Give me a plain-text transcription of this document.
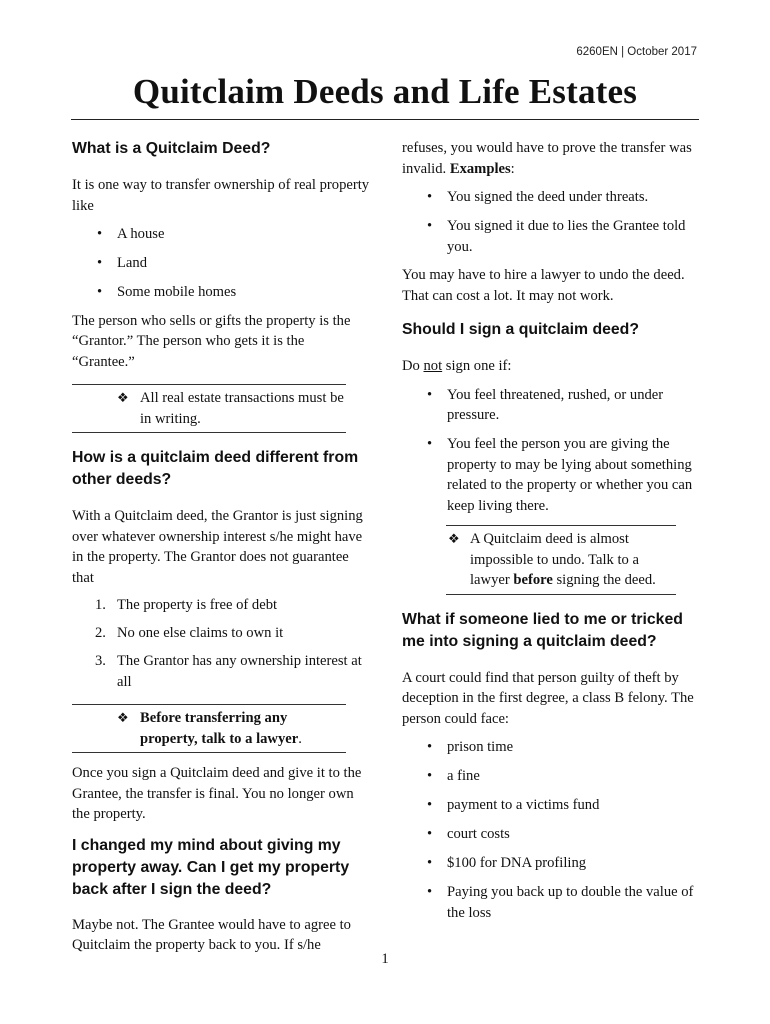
6260EN | October 2017
Quitclaim Deeds and Life Estates
What is a Quitclaim Deed?

It is one way to transfer ownership of real property like

• A house
• Land
• Some mobile homes

The person who sells or gifts the property is the “Grantor.” The person who gets it is the “Grantee.”

❖ All real estate transactions must be in writing.
How is a quitclaim deed different from other deeds?

With a Quitclaim deed, the Grantor is just signing over whatever ownership interest s/he might have in the property. The Grantor does not guarantee that

1. The property is free of debt
2. No one else claims to own it
3. The Grantor has any ownership interest at all
❖ Before transferring any property, talk to a lawyer.

Once you sign a Quitclaim deed and give it to the Grantee, the transfer is final. You no longer own the property.

I changed my mind about giving my property away. Can I get my property back after I sign the deed?

Maybe not. The Grantee would have to agree to Quitclaim the property back to you. If s/he

refuses, you would have to prove the transfer was invalid. Examples:

• You signed the deed under threats.
• You signed it due to lies the Grantee told you.

You may have to hire a lawyer to undo the deed. That can cost a lot. It may not work.

Should I sign a quitclaim deed?

Do not sign one if:

• You feel threatened, rushed, or under pressure.
• You feel the person you are giving the property to may be lying about something related to the property or whether you can keep living there.
❖ A Quitclaim deed is almost impossible to undo. Talk to a lawyer before signing the deed.
What if someone lied to me or tricked me into signing a quitclaim deed?

A court could find that person guilty of theft by deception in the first degree, a class B felony. The person could face:

• prison time
• a fine
• payment to a victims fund
• court costs
• $100 for DNA profiling
• Paying you back up to double the value of the loss
1
